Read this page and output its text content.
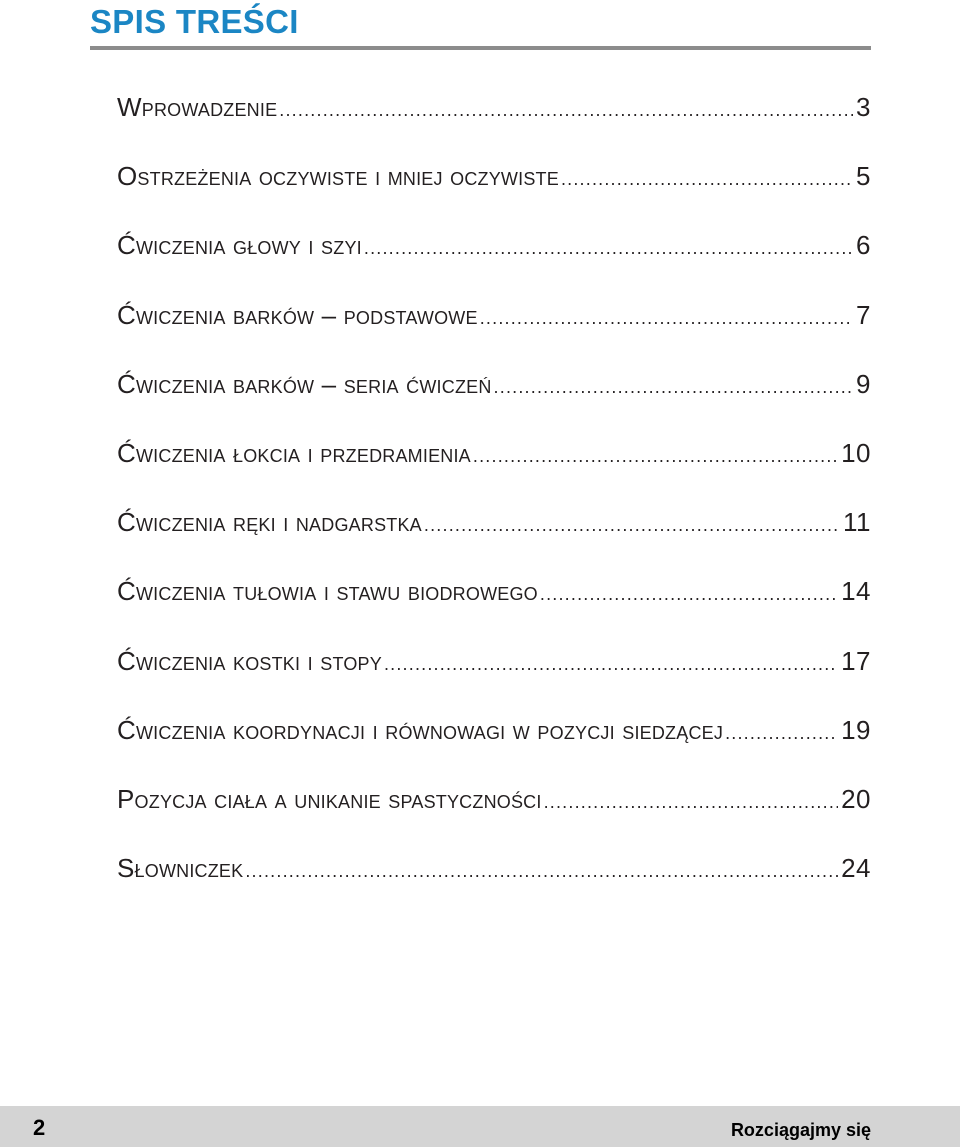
SPIS TREŚCI
Wprowadzenie .....	3
Ostrzeżenia oczywiste i mniej oczywiste .....	5
Ćwiczenia głowy i szyi .....	6
Ćwiczenia barków – podstawowe .....	7
Ćwiczenia barków – seria ćwiczeń .....	9
Ćwiczenia łokcia i przedramienia .....	10
Ćwiczenia ręki i nadgarstka .....	11
Ćwiczenia tułowia i stawu biodrowego .....	14
Ćwiczenia kostki i stopy .....	17
Ćwiczenia koordynacji i równowagi w pozycji siedzącej .....	19
Pozycja ciała a unikanie spastyczności .....	20
Słowniczek .....	24
2	Rozciągajmy się
